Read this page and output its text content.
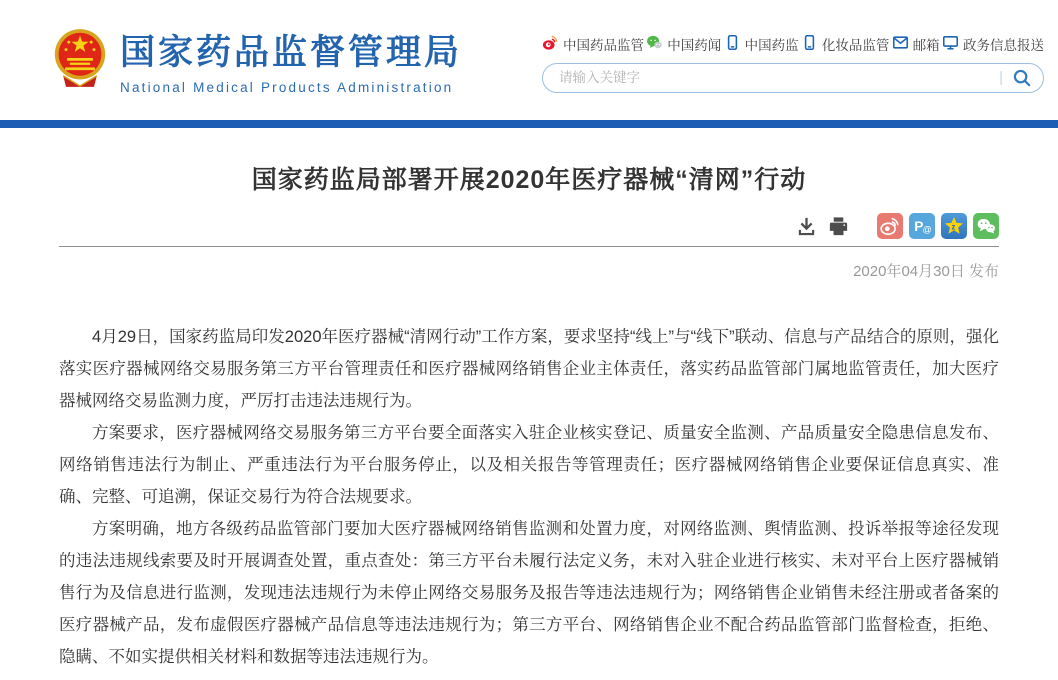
国家药品监督管理局
National Medical Products Administration
中国药品监管 中国药闻 中国药监 化妆品监管 邮箱 政务信息报送
请输入关键字
|
国家药监局部署开展2020年医疗器械“清网”行动
P @ z
2020年04月30日 发布

4月29日，国家药监局印发2020年医疗器械“清网行动”工作方案，要求坚持“线上”与“线下”联动、信息与产品结合的原则，强化落实医疗器械网络交易服务第三方平台管理责任和医疗器械网络销售企业主体责任，落实药品监管部门属地监管责任，加大医疗器械网络交易监测力度，严厉打击违法违规行为。

方案要求，医疗器械网络交易服务第三方平台要全面落实入驻企业核实登记、质量安全监测、产品质量安全隐患信息发布、网络销售违法行为制止、严重违法行为平台服务停止，以及相关报告等管理责任；医疗器械网络销售企业要保证信息真实、准确、完整、可追溯，保证交易行为符合法规要求。

方案明确，地方各级药品监管部门要加大医疗器械网络销售监测和处置力度，对网络监测、舆情监测、投诉举报等途径发现的违法违规线索要及时开展调查处置，重点查处：第三方平台未履行法定义务，未对入驻企业进行核实、未对平台上医疗器械销售行为及信息进行监测，发现违法违规行为未停止网络交易服务及报告等违法违规行为；网络销售企业销售未经注册或者备案的医疗器械产品，发布虚假医疗器械产品信息等违法违规行为；第三方平台、网络销售企业不配合药品监管部门监督检查，拒绝、隐瞒、不如实提供相关材料和数据等违法违规行为。
